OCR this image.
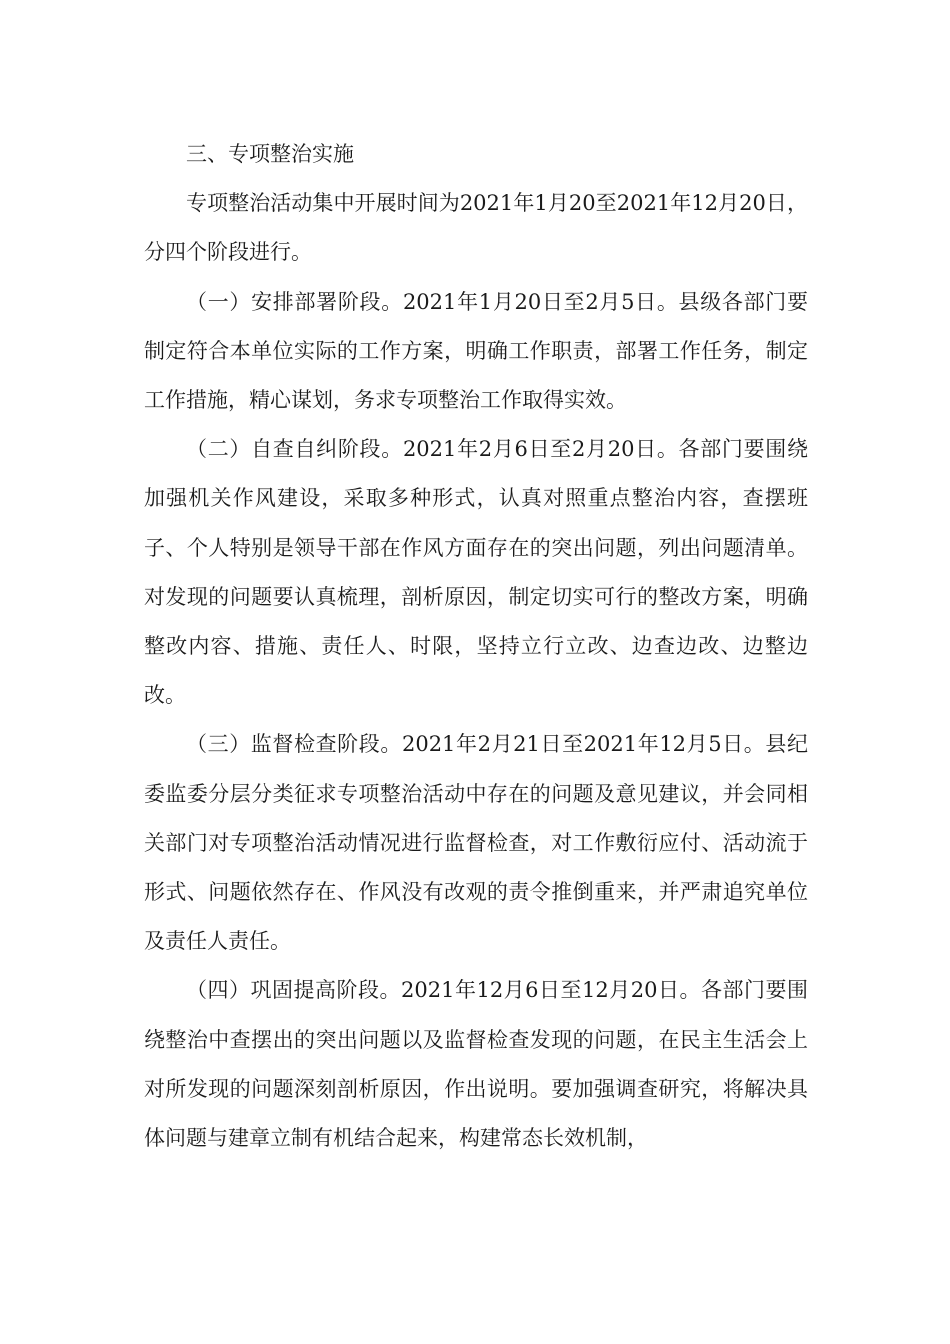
三、专项整治实施

专项整治活动集中开展时间为2021年1月20至2021年12月20日，分四个阶段进行。

（一）安排部署阶段。2021年1月20日至2月5日。县级各部门要制定符合本单位实际的工作方案，明确工作职责，部署工作任务，制定工作措施，精心谋划，务求专项整治工作取得实效。

（二）自查自纠阶段。2021年2月6日至2月20日。各部门要围绕加强机关作风建设，采取多种形式，认真对照重点整治内容，查摆班子、个人特别是领导干部在作风方面存在的突出问题，列出问题清单。对发现的问题要认真梳理，剖析原因，制定切实可行的整改方案，明确整改内容、措施、责任人、时限，坚持立行立改、边查边改、边整边改。

（三）监督检查阶段。2021年2月21日至2021年12月5日。县纪委监委分层分类征求专项整治活动中存在的问题及意见建议，并会同相关部门对专项整治活动情况进行监督检查，对工作敷衍应付、活动流于形式、问题依然存在、作风没有改观的责令推倒重来，并严肃追究单位及责任人责任。

（四）巩固提高阶段。2021年12月6日至12月20日。各部门要围绕整治中查摆出的突出问题以及监督检查发现的问题，在民主生活会上对所发现的问题深刻剖析原因，作出说明。要加强调查研究，将解决具体问题与建章立制有机结合起来，构建常态长效机制，
